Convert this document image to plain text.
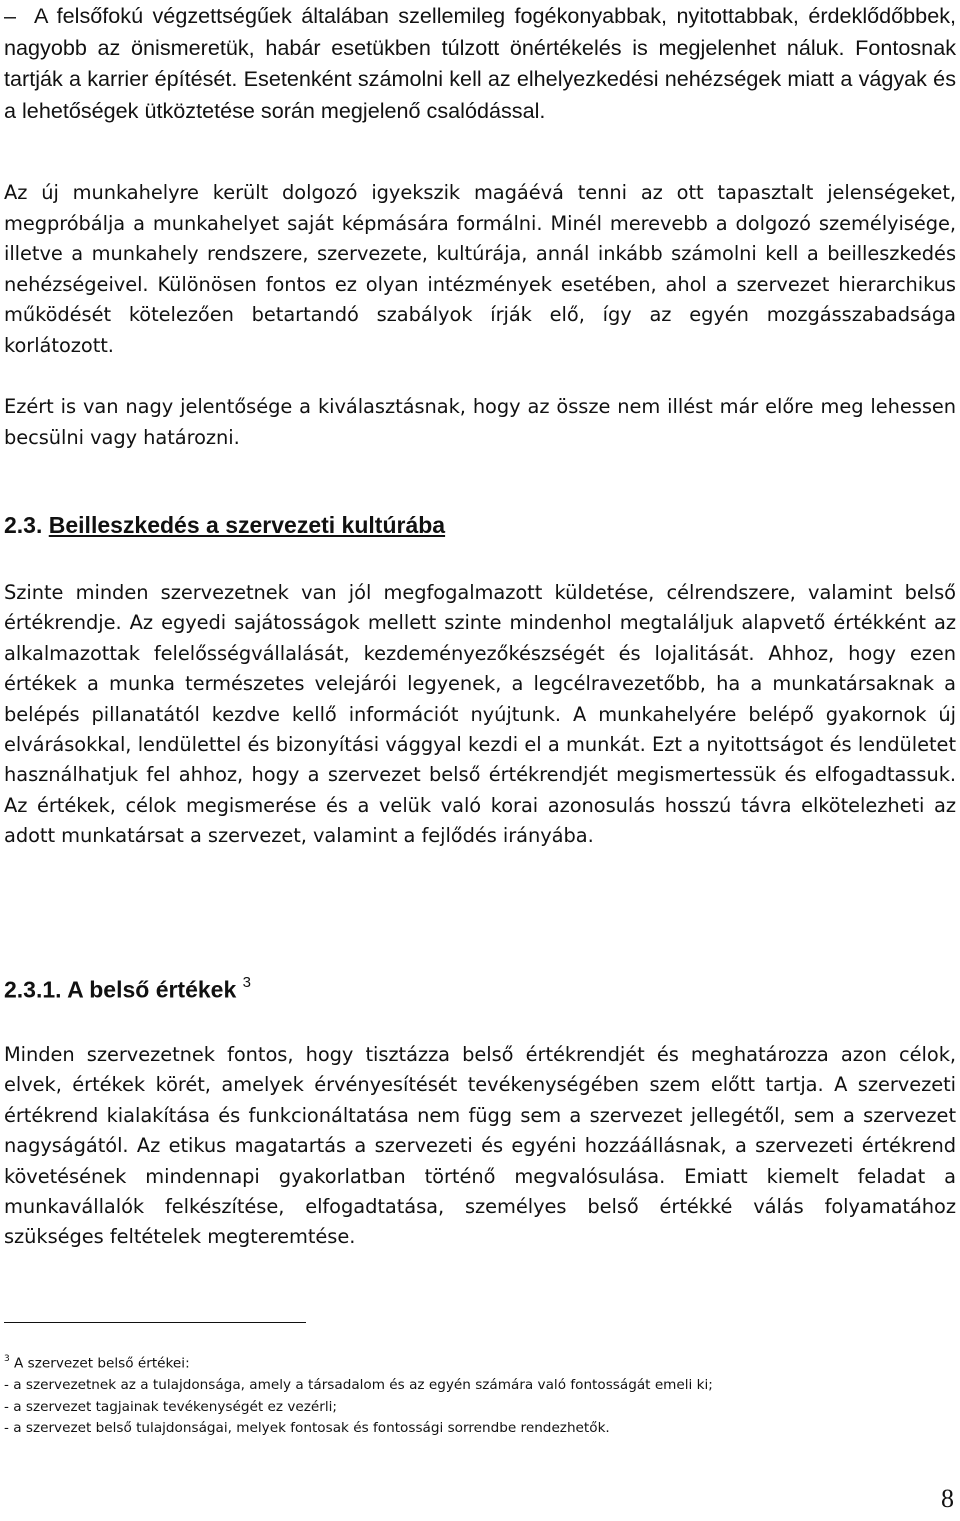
– A felsőfokú végzettségűek általában szellemileg fogékonyabbak, nyitottabbak, érdeklődőbbek, nagyobb az önismeretük, habár esetükben túlzott önértékelés is megjelenhet náluk. Fontosnak tartják a karrier építését. Esetenként számolni kell az elhelyezkedési nehézségek miatt a vágyak és a lehetőségek ütköztetése során megjelenő csalódással.
Az új munkahelyre került dolgozó igyekszik magáévá tenni az ott tapasztalt jelenségeket, megpróbálja a munkahelyet saját képmására formálni. Minél merevebb a dolgozó személyisége, illetve a munkahely rendszere, szervezete, kultúrája, annál inkább számolni kell a beilleszkedés nehézségeivel. Különösen fontos ez olyan intézmények esetében, ahol a szervezet hierarchikus működését kötelezően betartandó szabályok írják elő, így az egyén mozgásszabadsága korlátozott.
Ezért is van nagy jelentősége a kiválasztásnak, hogy az össze nem illést már előre meg lehessen becsülni vagy határozni.
2.3. Beilleszkedés a szervezeti kultúrába
Szinte minden szervezetnek van jól megfogalmazott küldetése, célrendszere, valamint belső értékrendje. Az egyedi sajátosságok mellett szinte mindenhol megtaláljuk alapvető értékként az alkalmazottak felelősségvállalását, kezdeményezőkészségét és lojalitását. Ahhoz, hogy ezen értékek a munka természetes velejárói legyenek, a legcélravezetőbb, ha a munkatársaknak a belépés pillanatától kezdve kellő információt nyújtunk. A munkahelyére belépő gyakornok új elvárásokkal, lendülettel és bizonyítási vággyal kezdi el a munkát. Ezt a nyitottságot és lendületet használhatjuk fel ahhoz, hogy a szervezet belső értékrendjét megismertessük és elfogadtassuk. Az értékek, célok megismerése és a velük való korai azonosulás hosszú távra elkötelezheti az adott munkatársat a szervezet, valamint a fejlődés irányába.
2.3.1. A belső értékek $^3$
Minden szervezetnek fontos, hogy tisztázza belső értékrendjét és meghatározza azon célok, elvek, értékek körét, amelyek érvényesítését tevékenységében szem előtt tartja. A szervezeti értékrend kialakítása és funkcionáltatása nem függ sem a szervezet jellegétől, sem a szervezet nagyságától. Az etikus magatartás a szervezeti és egyéni hozzáállásnak, a szervezeti értékrend követésének mindennapi gyakorlatban történő megvalósulása. Emiatt kiemelt feladat a munkavállalók felkészítése, elfogadtatása, személyes belső értékké válás folyamatához szükséges feltételek megteremtése.
$^3$ A szervezet belső értékei:
- a szervezetnek az a tulajdonsága, amely a társadalom és az egyén számára való fontosságát emeli ki;
- a szervezet tagjainak tevékenységét ez vezérli;
- a szervezet belső tulajdonságai, melyek fontosak és fontossági sorrendbe rendezhetők.
8
